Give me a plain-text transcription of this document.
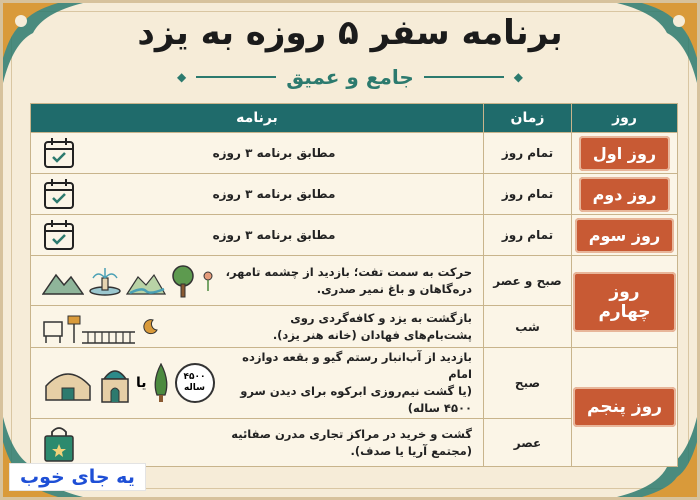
برنامه سفر ۵ روزه به یزد
◆
جامع و عمیق
◆
روز	زمان	برنامه
روز اول	تمام روز	مطابق برنامه ۳ روزه

روز دوم	تمام روز	مطابق برنامه ۳ روزه

روز سوم	تمام روز	مطابق برنامه ۳ روزه

روز چهارم	صبح و عصر	حرکت به سمت تفت؛ بازدید از چشمه تامهر،
دره‌گاهان و باغ نمیر صدری.

	شب	بازگشت به یزد و کافه‌گردی روی
پشت‌بام‌های فهادان (خانه هنر یزد).

روز پنجم	صبح	بازدید از آب‌انبار رستم گیو و بقعه دوازده امام
(یا گشت نیم‌روزی ابرکوه برای دیدن سرو ۴۵۰۰ ساله)
یا ۴۵۰۰
ساله

	عصر	گشت و خرید در مراکز تجاری مدرن صفائیه
(مجتمع آریا یا صدف).
یه جای خوب
